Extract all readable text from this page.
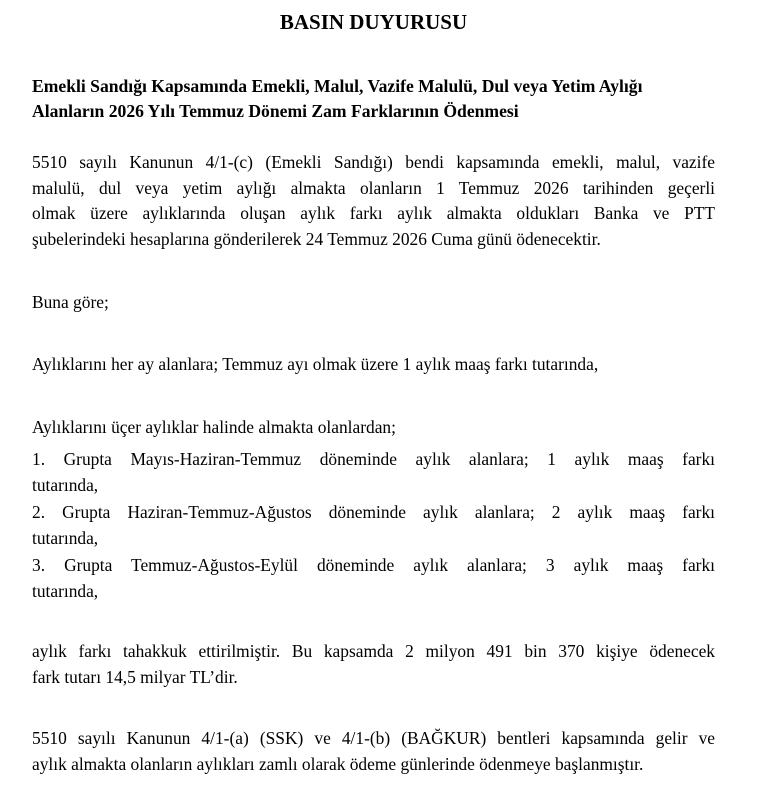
BASIN DUYURUSU
Emekli Sandığı Kapsamında Emekli, Malul, Vazife Malulü, Dul veya Yetim Aylığı
Alanların 2026 Yılı Temmuz Dönemi Zam Farklarının Ödenmesi
5510 sayılı Kanunun 4/1-(c) (Emekli Sandığı) bendi kapsamında emekli, malul, vazife
malulü, dul veya yetim aylığı almakta olanların 1 Temmuz 2026 tarihinden geçerli
olmak üzere aylıklarında oluşan aylık farkı aylık almakta oldukları Banka ve PTT
şubelerindeki hesaplarına gönderilerek 24 Temmuz 2026 Cuma günü ödenecektir.
Buna göre;
Aylıklarını her ay alanlara; Temmuz ayı olmak üzere 1 aylık maaş farkı tutarında,
Aylıklarını üçer aylıklar halinde almakta olanlardan;
1. Grupta Mayıs-Haziran-Temmuz döneminde aylık alanlara; 1 aylık maaş farkı
tutarında,
2. Grupta Haziran-Temmuz-Ağustos döneminde aylık alanlara; 2 aylık maaş farkı
tutarında,
3. Grupta Temmuz-Ağustos-Eylül döneminde aylık alanlara; 3 aylık maaş farkı
tutarında,
aylık farkı tahakkuk ettirilmiştir. Bu kapsamda 2 milyon 491 bin 370 kişiye ödenecek
fark tutarı 14,5 milyar TL’dir.
5510 sayılı Kanunun 4/1-(a) (SSK) ve 4/1-(b) (BAĞKUR) bentleri kapsamında gelir ve
aylık almakta olanların aylıkları zamlı olarak ödeme günlerinde ödenmeye başlanmıştır.
